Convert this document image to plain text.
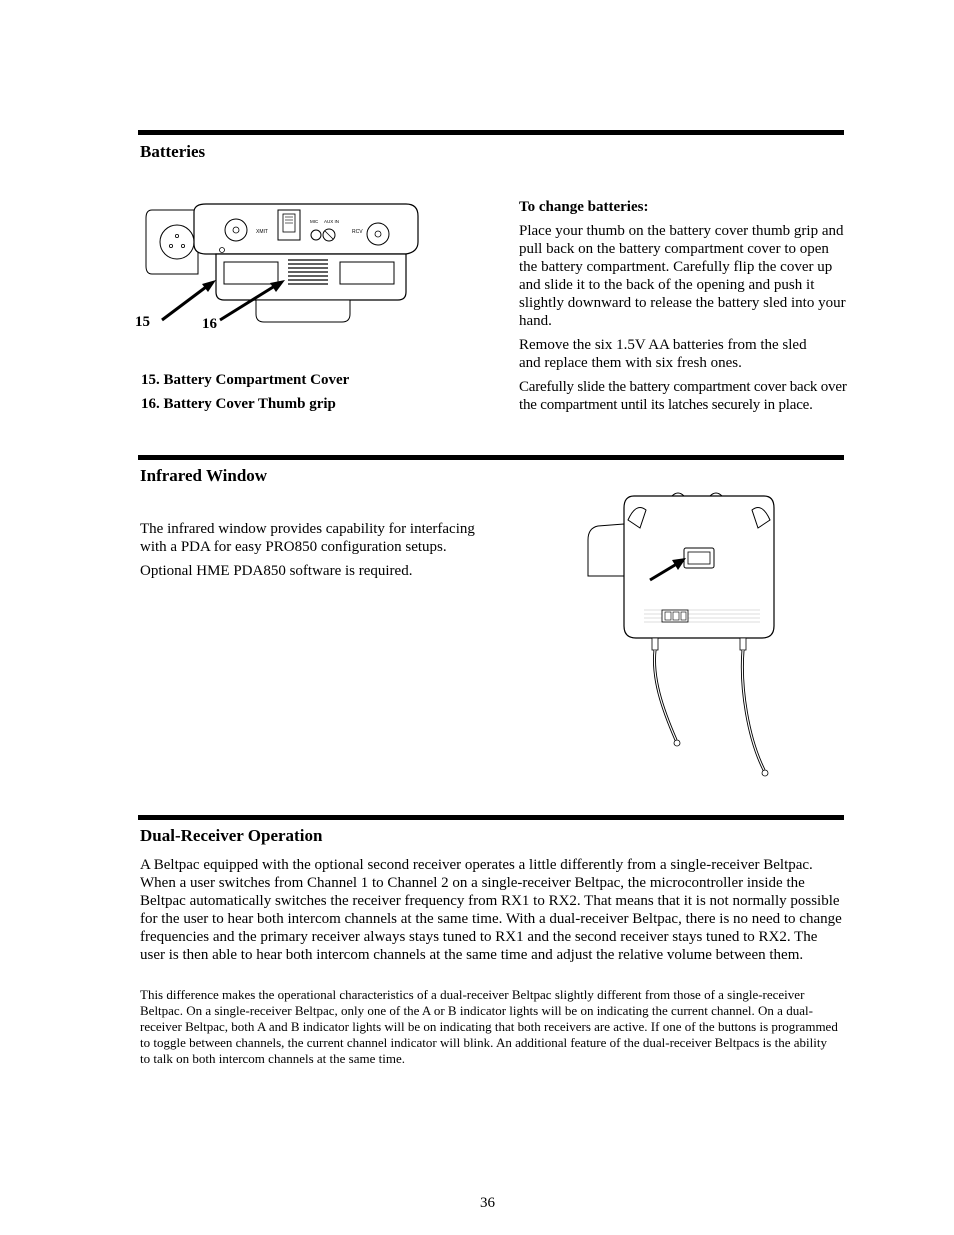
Batteries
XMIT
MIC AUX IN
RCV
15	16
15. Battery Compartment Cover
16. Battery Cover Thumb grip
To change batteries:
Place your thumb on the battery cover thumb grip and pull back on the battery compartment cover to open the battery compartment. Carefully flip the cover up and slide it to the back of the opening and push it slightly downward to release the battery sled into your hand.
Remove the six 1.5V AA batteries from the sled and replace them with six fresh ones.
Carefully slide the battery compartment cover back over the compartment until its latches securely in place.
Infrared Window
The infrared window provides capability for interfacing with a PDA for easy PRO850 configuration setups.
Optional HME PDA850 software is required.
Dual-Receiver Operation
A Beltpac equipped with the optional second receiver operates a little differently from a single-receiver Beltpac. When a user switches from Channel 1 to Channel 2 on a single-receiver Beltpac, the microcontroller inside the Beltpac automatically switches the receiver frequency from RX1 to RX2. That means that it is not normally possible for the user to hear both intercom channels at the same time. With a dual-receiver Beltpac, there is no need to change frequencies and the primary receiver always stays tuned to RX1 and the second receiver stays tuned to RX2. The user is then able to hear both intercom channels at the same time and adjust the relative volume between them.
This difference makes the operational characteristics of a dual-receiver Beltpac slightly different from those of a single-receiver Beltpac. On a single-receiver Beltpac, only one of the A or B indicator lights will be on indicating the current channel. On a dual-receiver Beltpac, both A and B indicator lights will be on indicating that both receivers are active. If one of the buttons is programmed to toggle between channels, the current channel indicator will blink. An additional feature of the dual-receiver Beltpacs is the ability to talk on both intercom channels at the same time.
36
